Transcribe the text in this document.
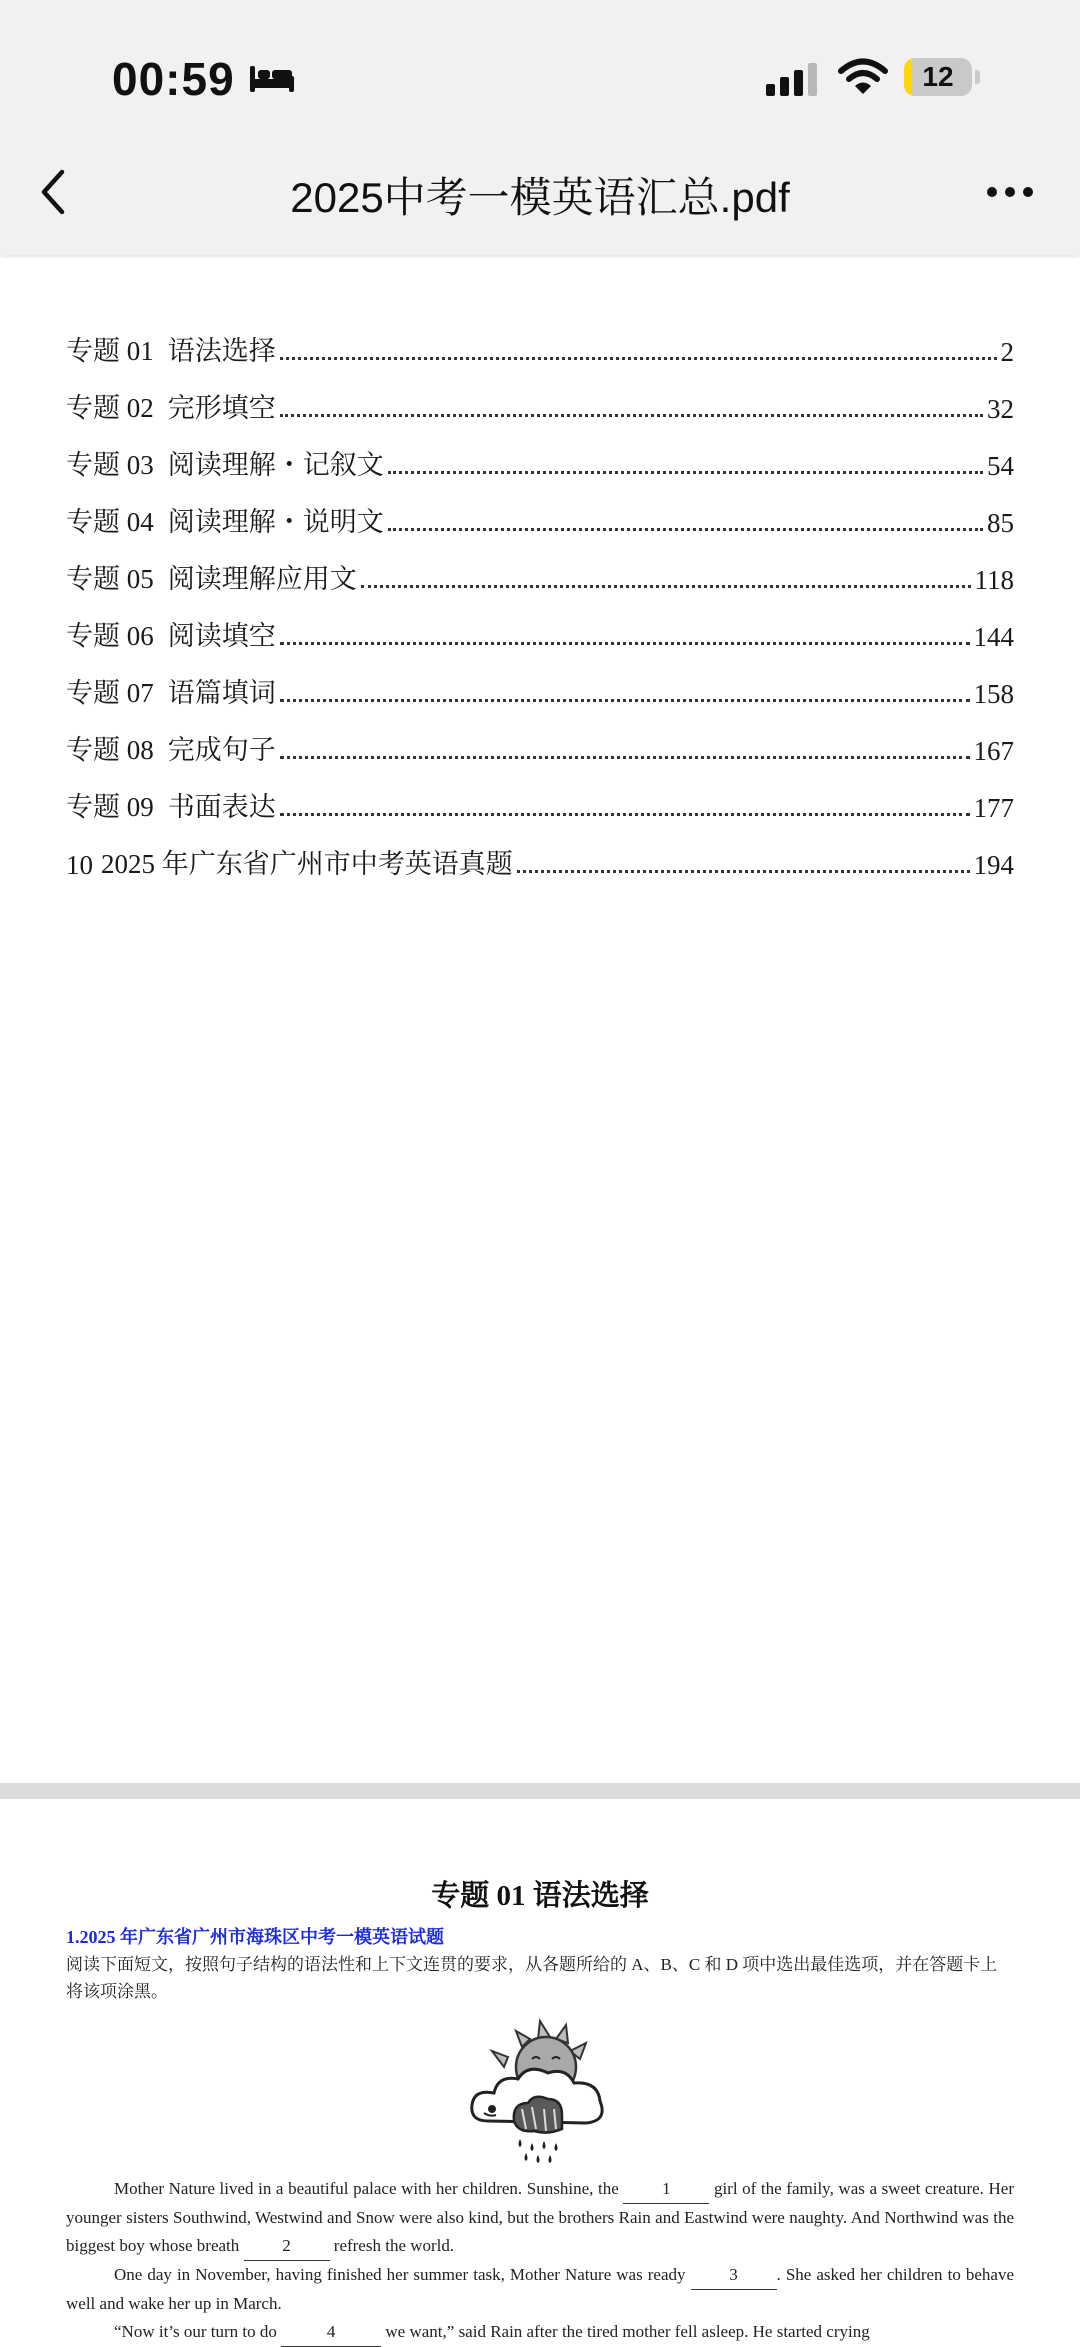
00:59	12
2025中考一模英语汇总.pdf
专题 01 语法选择	2
专题 02 完形填空	32
专题 03 阅读理解・记叙文	54
专题 04 阅读理解・说明文	85
专题 05 阅读理解应用文	118
专题 06 阅读填空	144
专题 07 语篇填词	158
专题 08 完成句子	167
专题 09 书面表达	177
10 2025 年广东省广州市中考英语真题	194
专题 01 语法选择
1.2025 年广东省广州市海珠区中考一模英语试题
阅读下面短文，按照句子结构的语法性和上下文连贯的要求，从各题所给的 A、B、C 和 D 项中选出最佳选项，并在答题卡上将该项涂黑。

Mother Nature lived in a beautiful palace with her children. Sunshine, the 1 girl of the family, was a sweet creature. Her younger sisters Southwind, Westwind and Snow were also kind, but the brothers Rain and Eastwind were naughty. And Northwind was the biggest boy whose breath 2 refresh the world.

One day in November, having finished her summer task, Mother Nature was ready 3 . She asked her children to behave well and wake her up in March.

“Now it’s our turn to do	4	we want,” said Rain after the tired mother fell asleep. He started crying
